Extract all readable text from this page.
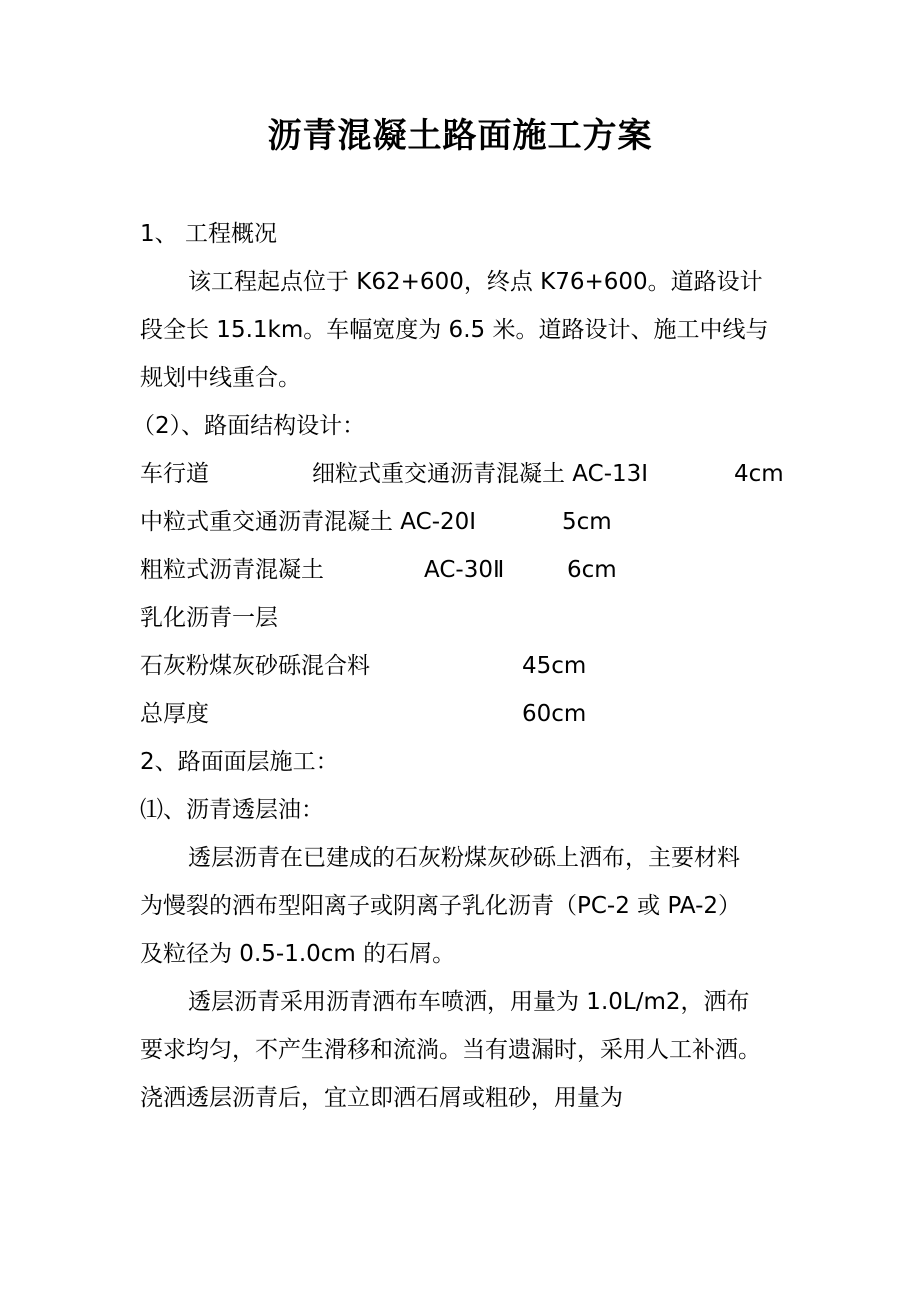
沥青混凝土路面施工方案
1、 工程概况
该工程起点位于 K62+600，终点 K76+600。道路设计
段全长 15.1km。车幅宽度为 6.5 米。道路设计、施工中线与
规划中线重合。
（2）、路面结构设计：
车行道	细粒式重交通沥青混凝土 AC-13I	4cm
中粒式重交通沥青混凝土 AC-20I	5cm
粗粒式沥青混凝土	AC-30Ⅱ	6cm
乳化沥青一层
石灰粉煤灰砂砾混合料	45cm
总厚度	60cm
2、路面面层施工：
⑴、沥青透层油：
透层沥青在已建成的石灰粉煤灰砂砾上洒布，主要材料
为慢裂的洒布型阳离子或阴离子乳化沥青（PC-2 或 PA-2）
及粒径为 0.5-1.0cm 的石屑。
透层沥青采用沥青洒布车喷洒，用量为 1.0L/m2，洒布
要求均匀，不产生滑移和流淌。当有遗漏时，采用人工补洒。
浇洒透层沥青后，宜立即洒石屑或粗砂，用量为
